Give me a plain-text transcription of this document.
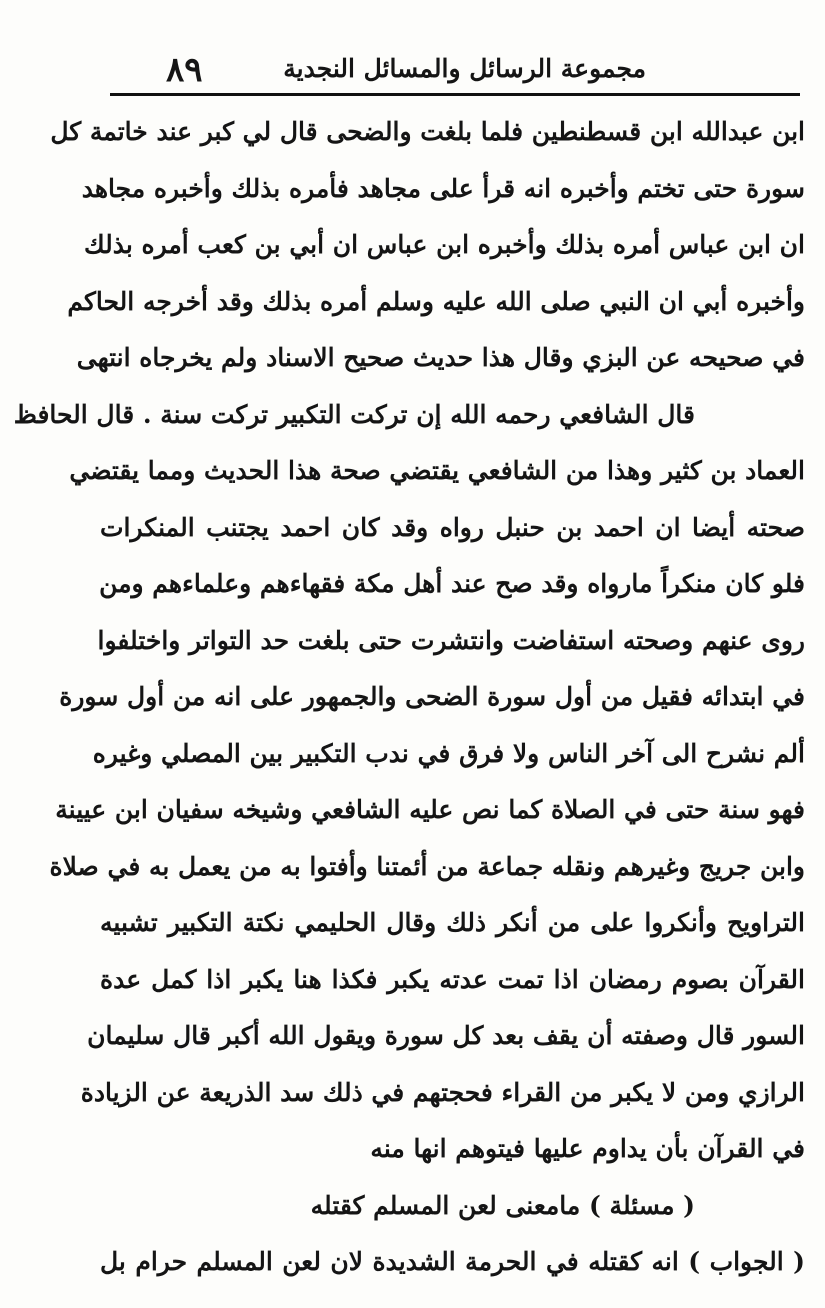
مجموعة الرسائل والمسائل النجدية
٨٩
ابن عبدالله ابن قسطنطين فلما بلغت والضحى قال لي كبر عند خاتمة كل
سورة حتى تختم وأخبره انه قرأ على مجاهد فأمره بذلك وأخبره مجاهد
ان ابن عباس أمره بذلك وأخبره ابن عباس ان أبي بن كعب أمره بذلك
وأخبره أبي ان النبي صلى الله عليه وسلم أمره بذلك وقد أخرجه الحاكم
في صحيحه عن البزي وقال هذا حديث صحيح الاسناد ولم يخرجاه انتهى
قال الشافعي رحمه الله إن تركت التكبير تركت سنة . قال الحافظ
العماد بن كثير وهذا من الشافعي يقتضي صحة هذا الحديث ومما يقتضي
صحته أيضا ان احمد بن حنبل رواه وقد كان احمد يجتنب المنكرات
فلو كان منكراً مارواه وقد صح عند أهل مكة فقهاءهم وعلماءهم ومن
روى عنهم وصحته استفاضت وانتشرت حتى بلغت حد التواتر واختلفوا
في ابتدائه فقيل من أول سورة الضحى والجمهور على انه من أول سورة
ألم نشرح الى آخر الناس ولا فرق في ندب التكبير بين المصلي وغيره
فهو سنة حتى في الصلاة كما نص عليه الشافعي وشيخه سفيان ابن عيينة
وابن جريج وغيرهم ونقله جماعة من أئمتنا وأفتوا به من يعمل به في صلاة
التراويح وأنكروا على من أنكر ذلك وقال الحليمي نكتة التكبير تشبيه
القرآن بصوم رمضان اذا تمت عدته يكبر فكذا هنا يكبر اذا كمل عدة
السور قال وصفته أن يقف بعد كل سورة ويقول الله أكبر قال سليمان
الرازي ومن لا يكبر من القراء فحجتهم في ذلك سد الذريعة عن الزيادة
في القرآن بأن يداوم عليها فيتوهم انها منه
( مسئلة ) مامعنى لعن المسلم كقتله
( الجواب ) انه كقتله في الحرمة الشديدة لان لعن المسلم حرام بل
